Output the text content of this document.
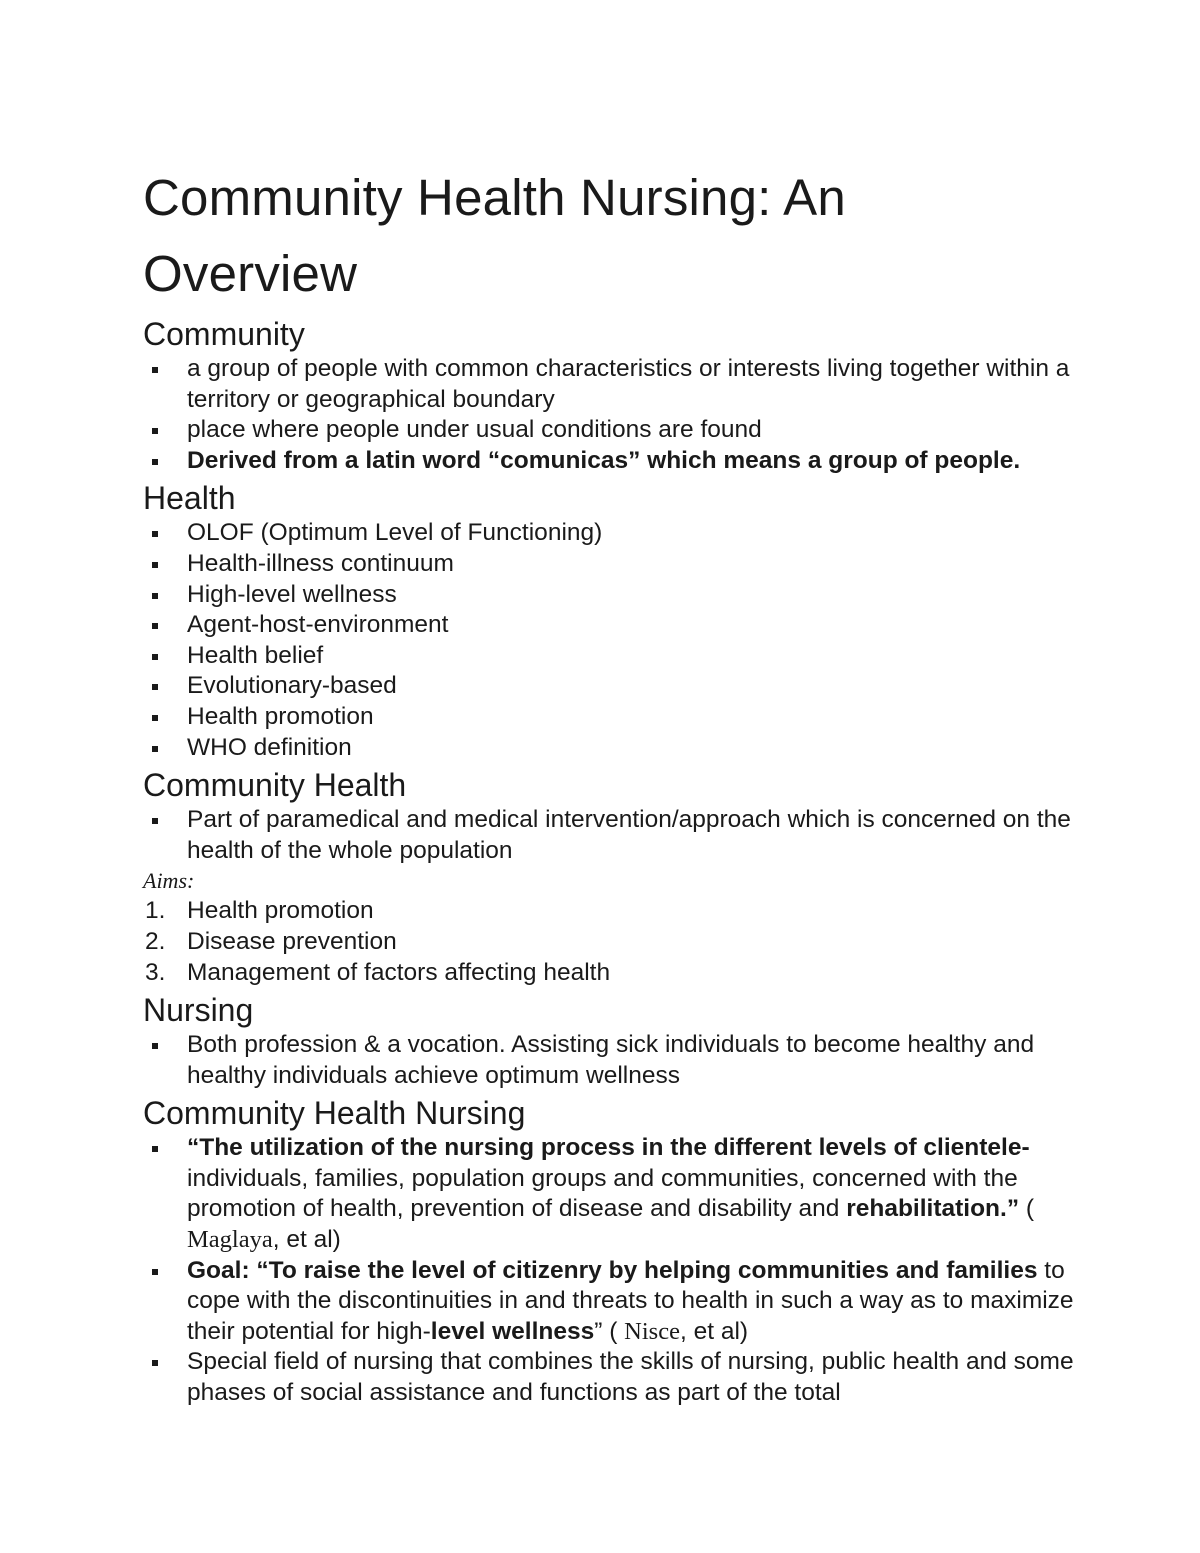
Community Health Nursing: An Overview
Community
a group of people with common characteristics or interests living together within a territory or geographical boundary
place where people under usual conditions are found
Derived from a latin word “comunicas” which means a group of people.
Health
OLOF (Optimum Level of Functioning)
Health-illness continuum
High-level wellness
Agent-host-environment
Health belief
Evolutionary-based
Health promotion
WHO definition
Community Health
Part of paramedical and medical intervention/approach which is concerned on the health of the whole population
Aims:
1. Health promotion
2. Disease prevention
3. Management of factors affecting health
Nursing
Both profession & a vocation. Assisting sick individuals to become healthy and healthy individuals achieve optimum wellness
Community Health Nursing
“The utilization of the nursing process in the different levels of clientele- individuals, families, population groups and communities, concerned with the promotion of health, prevention of disease and disability and rehabilitation.” ( Maglaya, et al)
Goal: “To raise the level of citizenry by helping communities and families to cope with the discontinuities in and threats to health in such a way as to maximize their potential for high-level wellness” ( Nisce, et al)
Special field of nursing that combines the skills of nursing, public health and some phases of social assistance and functions as part of the total
